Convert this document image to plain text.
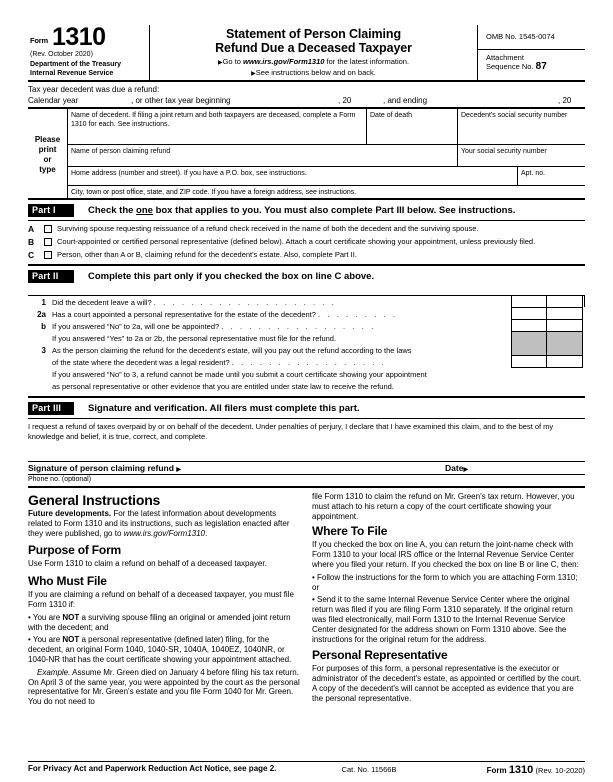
Form 1310
(Rev. October 2020)
Department of the Treasury
Internal Revenue Service
Statement of Person Claiming
Refund Due a Deceased Taxpayer
▶Go to www.irs.gov/Form1310 for the latest information.
▶See instructions below and on back.
OMB No. 1545-0074
Attachment
Sequence No. 87
Tax year decedent was due a refund:
Calendar year	, or other tax year beginning	, 20	, and ending	, 20
Please
print
or
type
Name of decedent. If filing a joint return and both taxpayers are deceased, complete a Form 1310 for each. See instructions.
Date of death	Decedent's social security number
Name of person claiming refund	Your social security number
Home address (number and street). If you have a P.O. box, see instructions.	Apt. no.
City, town or post office, state, and ZIP code. If you have a foreign address, see instructions.
Part I	Check the one box that applies to you. You must also complete Part III below. See instructions.
A	Surviving spouse requesting reissuance of a refund check received in the name of both the decedent and the surviving spouse.
B	Court-appointed or certified personal representative (defined below). Attach a court certificate showing your appointment, unless previously filed.
C	Person, other than A or B, claiming refund for the decedent's estate. Also, complete Part II.
Part II	Complete this part only if you checked the box on line C above.
1 Did the decedent leave a will? . . . . . . . . . . . . . . . . . . . .
2a Has a court appointed a personal representative for the estate of the decedent? . . . . . . . . .
b If you answered “No” to 2a, will one be appointed? . . . . . . . . . . . . . . . . .
If you answered “Yes” to 2a or 2b, the personal representative must file for the refund.
3 As the person claiming the refund for the decedent's estate, will you pay out the refund according to the laws
of the state where the decedent was a legal resident? . . . . . . . . . . . . . . . . .
If you answered “No” to 3, a refund cannot be made until you submit a court certificate showing your appointment
as personal representative or other evidence that you are entitled under state law to receive the refund.
Part III	Signature and verification. All filers must complete this part.
I request a refund of taxes overpaid by or on behalf of the decedent. Under penalties of perjury, I declare that I have examined this claim, and to the best of my knowledge and belief, it is true, correct, and complete.
Signature of person claiming refund ▶	Date▶
Phone no. (optional)
General Instructions
Future developments. For the latest information about developments related to Form 1310 and its instructions, such as legislation enacted after they were published, go to www.irs.gov/Form1310.
Purpose of Form
Use Form 1310 to claim a refund on behalf of a deceased taxpayer.
Who Must File
If you are claiming a refund on behalf of a deceased taxpayer, you must file Form 1310 if:
• You are NOT a surviving spouse filing an original or amended joint return with the decedent; and
• You are NOT a personal representative (defined later) filing, for the decedent, an original Form 1040, 1040-SR, 1040A, 1040EZ, 1040NR, or 1040-NR that has the court certificate showing your appointment attached.
Example. Assume Mr. Green died on January 4 before filing his tax return. On April 3 of the same year, you were appointed by the court as the personal representative for Mr. Green's estate and you file Form 1040 for Mr. Green. You do not need to
file Form 1310 to claim the refund on Mr. Green's tax return. However, you must attach to his return a copy of the court certificate showing your appointment.
Where To File
If you checked the box on line A, you can return the joint-name check with Form 1310 to your local IRS office or the Internal Revenue Service Center where you filed your return. If you checked the box on line B or line C, then:
• Follow the instructions for the form to which you are attaching Form 1310; or
• Send it to the same Internal Revenue Service Center where the original return was filed if you are filing Form 1310 separately. If the original return was filed electronically, mail Form 1310 to the Internal Revenue Service Center designated for the address shown on Form 1310 above. See the instructions for the original return for the address.
Personal Representative
For purposes of this form, a personal representative is the executor or administrator of the decedent's estate, as appointed or certified by the court. A copy of the decedent's will cannot be accepted as evidence that you are the personal representative.
For Privacy Act and Paperwork Reduction Act Notice, see page 2.	Cat. No. 11566B	Form 1310 (Rev. 10-2020)
